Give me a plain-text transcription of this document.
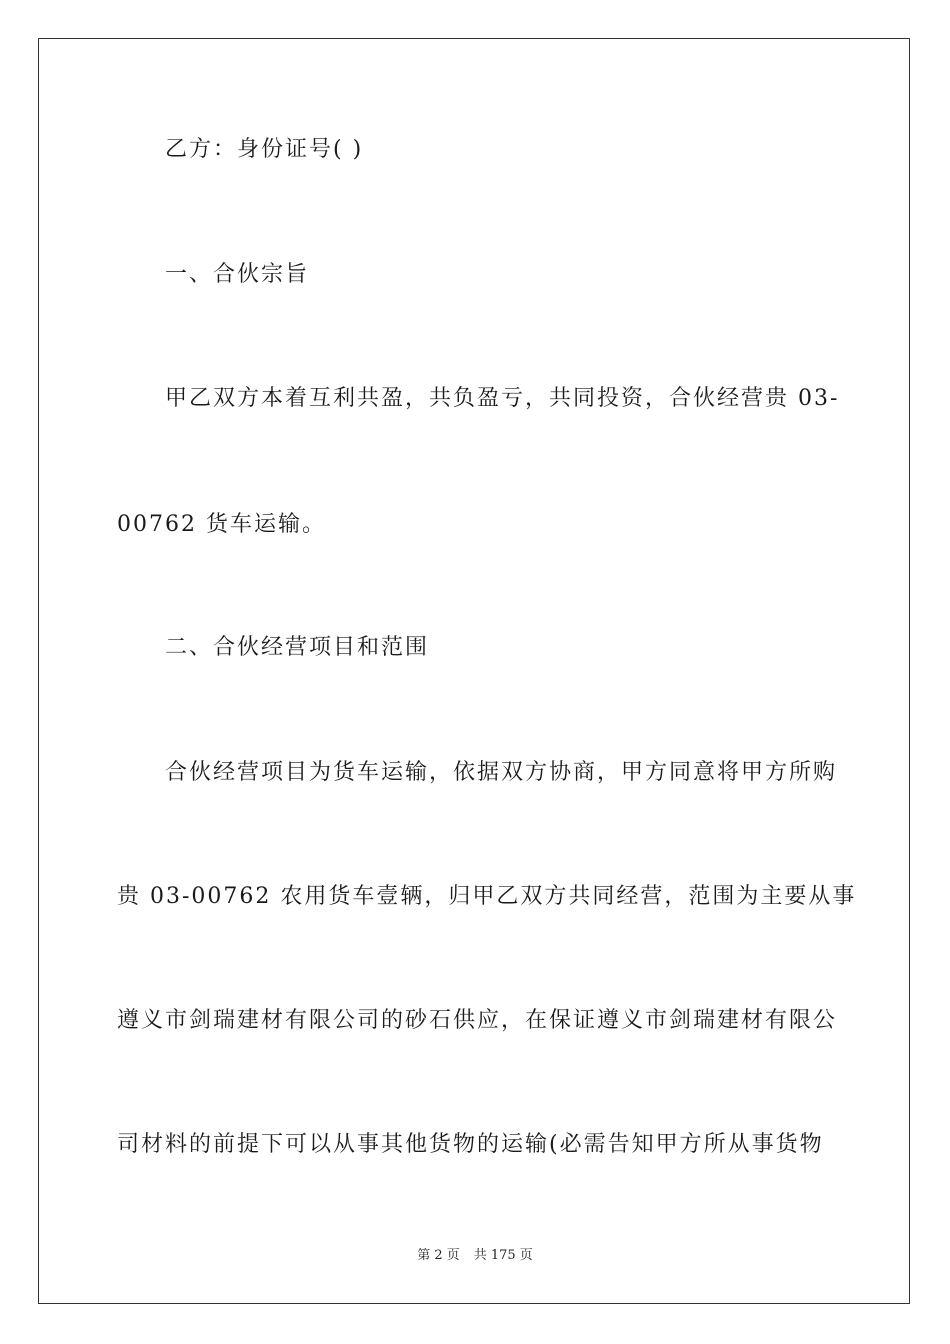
乙方：身份证号( )
一、合伙宗旨
甲乙双方本着互利共盈，共负盈亏，共同投资，合伙经营贵 03-
00762 货车运输。
二、合伙经营项目和范围
合伙经营项目为货车运输，依据双方协商，甲方同意将甲方所购
贵 03-00762 农用货车壹辆，归甲乙双方共同经营，范围为主要从事
遵义市剑瑞建材有限公司的砂石供应，在保证遵义市剑瑞建材有限公
司材料的前提下可以从事其他货物的运输(必需告知甲方所从事货物
第 2 页 共 175 页
